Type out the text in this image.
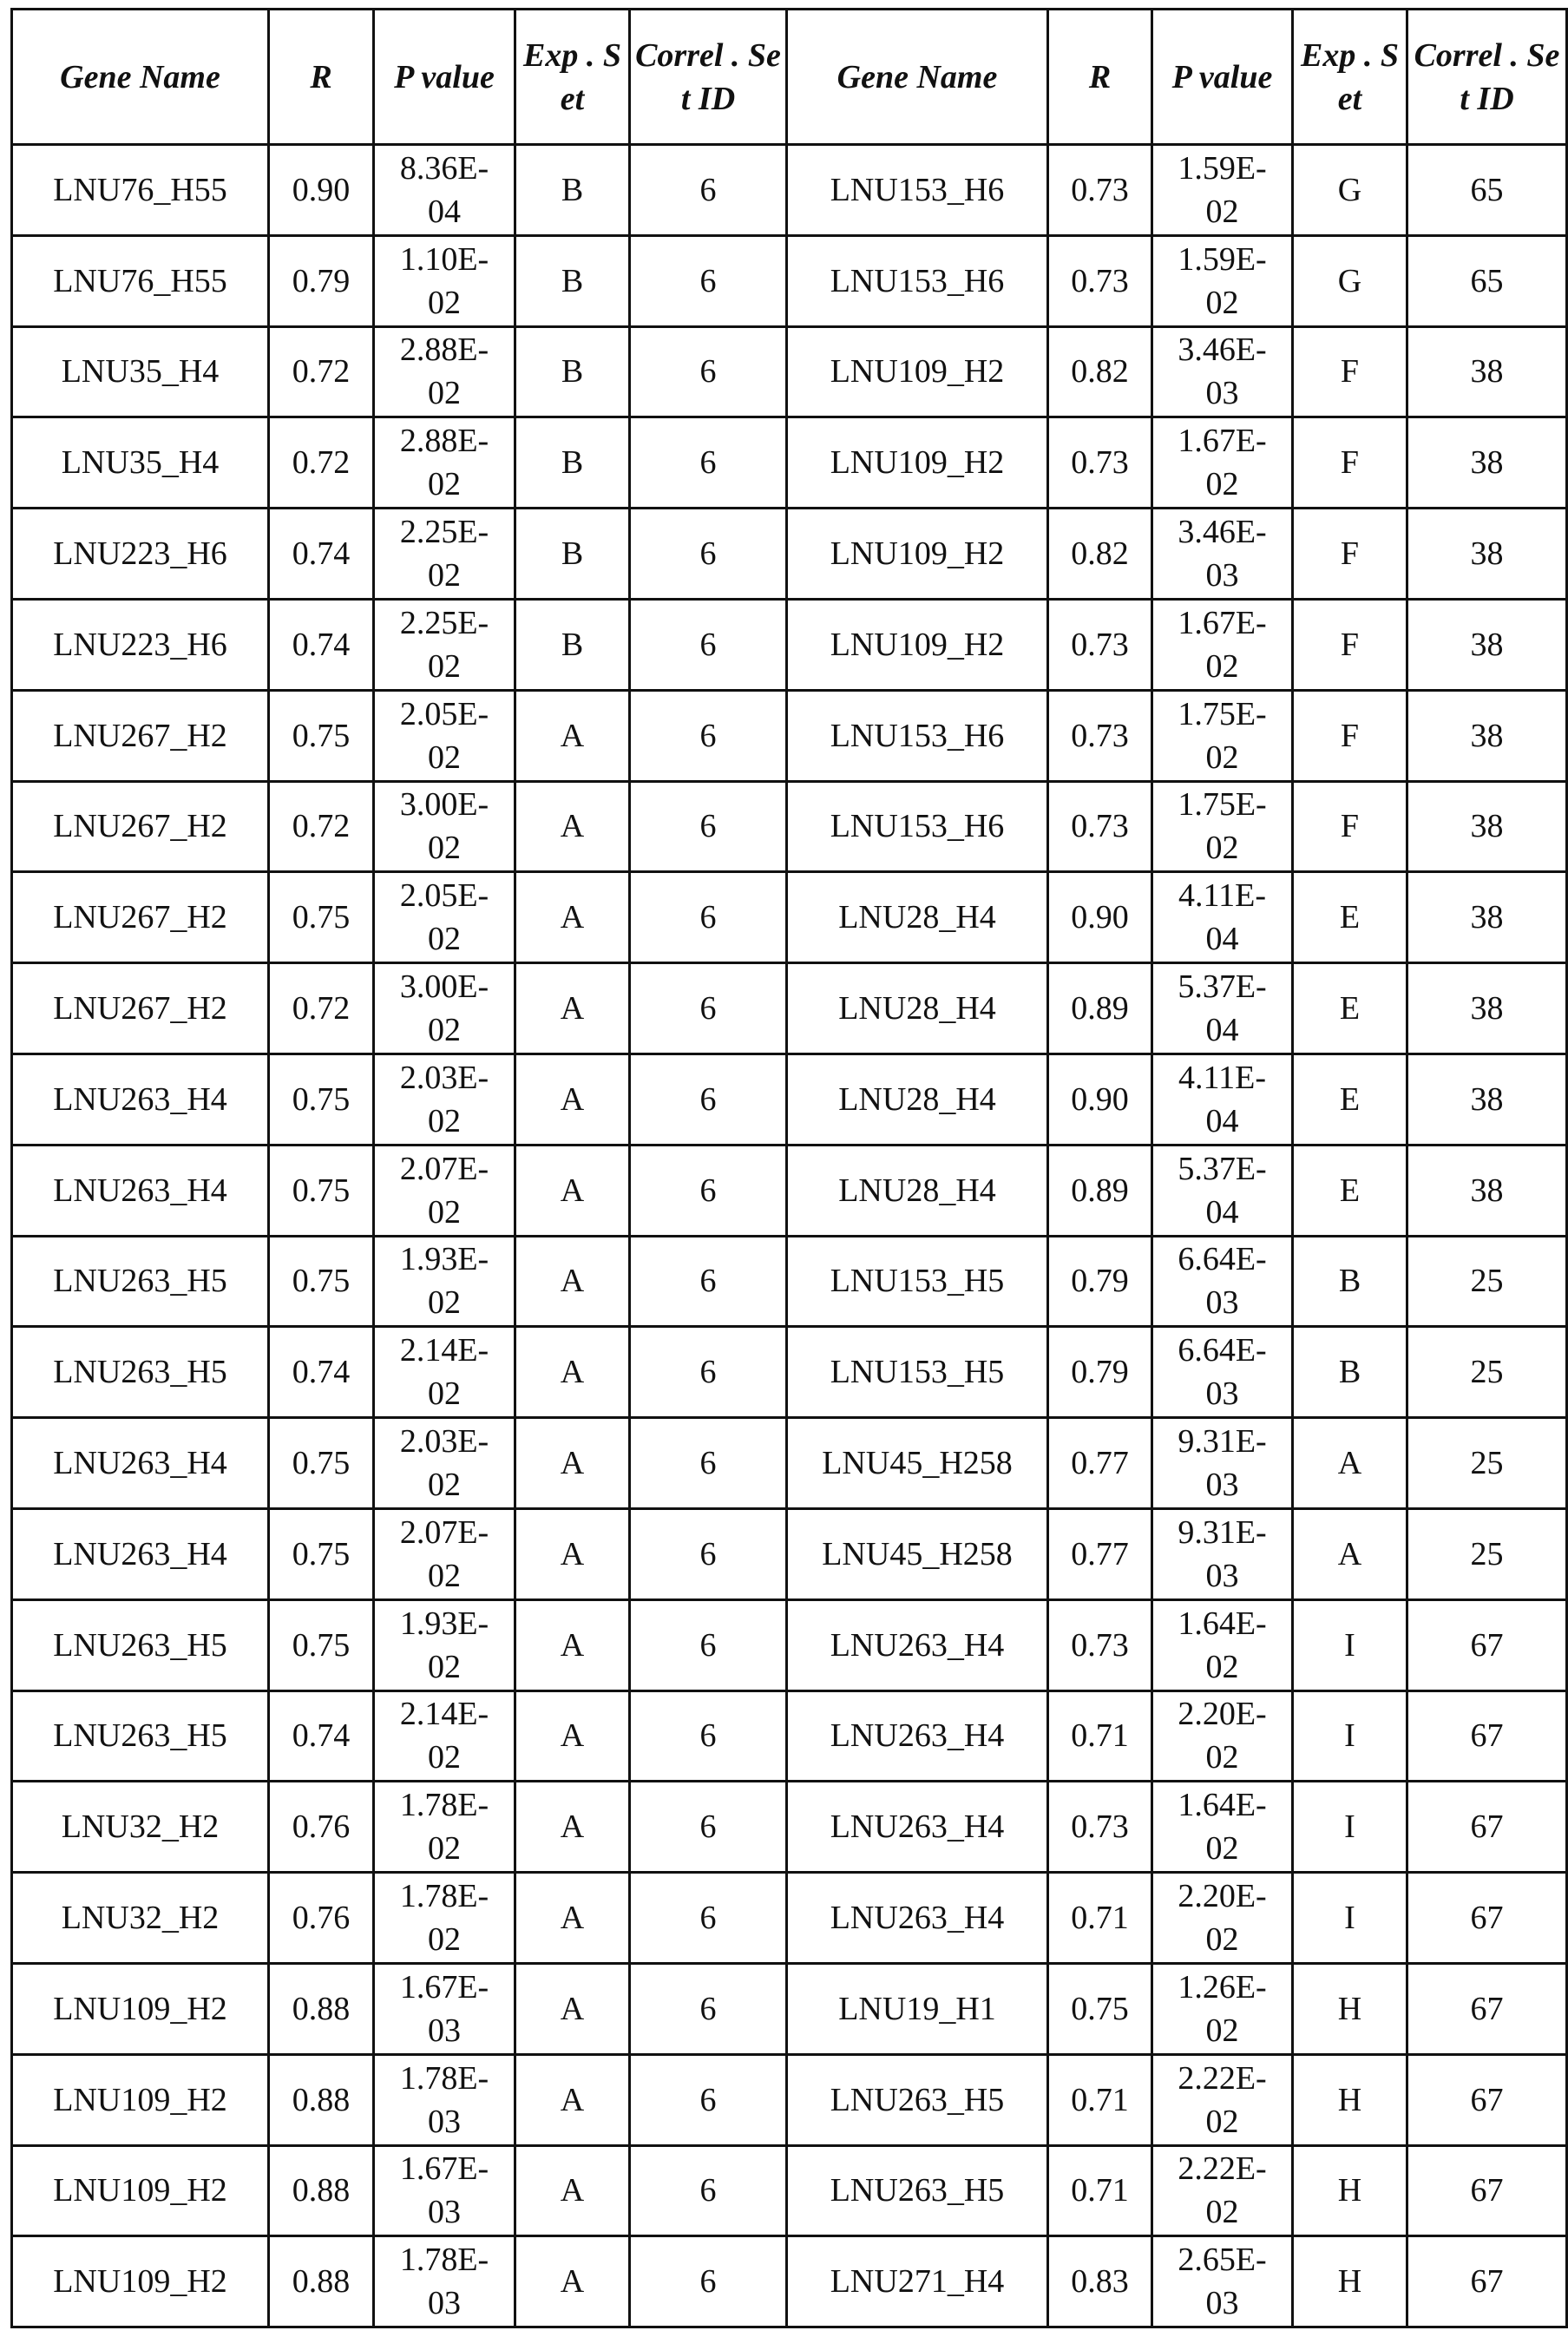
Gene Name	R	P value	Exp . Set	Correl . Set ID	Gene Name	R	P value	Exp . Set	Correl . Set ID
LNU76_H55	0.90	8.36E-04	B	6	LNU153_H6	0.73	1.59E-02	G	65
LNU76_H55	0.79	1.10E-02	B	6	LNU153_H6	0.73	1.59E-02	G	65
LNU35_H4	0.72	2.88E-02	B	6	LNU109_H2	0.82	3.46E-03	F	38
LNU35_H4	0.72	2.88E-02	B	6	LNU109_H2	0.73	1.67E-02	F	38
LNU223_H6	0.74	2.25E-02	B	6	LNU109_H2	0.82	3.46E-03	F	38
LNU223_H6	0.74	2.25E-02	B	6	LNU109_H2	0.73	1.67E-02	F	38
LNU267_H2	0.75	2.05E-02	A	6	LNU153_H6	0.73	1.75E-02	F	38
LNU267_H2	0.72	3.00E-02	A	6	LNU153_H6	0.73	1.75E-02	F	38
LNU267_H2	0.75	2.05E-02	A	6	LNU28_H4	0.90	4.11E-04	E	38
LNU267_H2	0.72	3.00E-02	A	6	LNU28_H4	0.89	5.37E-04	E	38
LNU263_H4	0.75	2.03E-02	A	6	LNU28_H4	0.90	4.11E-04	E	38
LNU263_H4	0.75	2.07E-02	A	6	LNU28_H4	0.89	5.37E-04	E	38
LNU263_H5	0.75	1.93E-02	A	6	LNU153_H5	0.79	6.64E-03	B	25
LNU263_H5	0.74	2.14E-02	A	6	LNU153_H5	0.79	6.64E-03	B	25
LNU263_H4	0.75	2.03E-02	A	6	LNU45_H258	0.77	9.31E-03	A	25
LNU263_H4	0.75	2.07E-02	A	6	LNU45_H258	0.77	9.31E-03	A	25
LNU263_H5	0.75	1.93E-02	A	6	LNU263_H4	0.73	1.64E-02	I	67
LNU263_H5	0.74	2.14E-02	A	6	LNU263_H4	0.71	2.20E-02	I	67
LNU32_H2	0.76	1.78E-02	A	6	LNU263_H4	0.73	1.64E-02	I	67
LNU32_H2	0.76	1.78E-02	A	6	LNU263_H4	0.71	2.20E-02	I	67
LNU109_H2	0.88	1.67E-03	A	6	LNU19_H1	0.75	1.26E-02	H	67
LNU109_H2	0.88	1.78E-03	A	6	LNU263_H5	0.71	2.22E-02	H	67
LNU109_H2	0.88	1.67E-03	A	6	LNU263_H5	0.71	2.22E-02	H	67
LNU109_H2	0.88	1.78E-03	A	6	LNU271_H4	0.83	2.65E-03	H	67
